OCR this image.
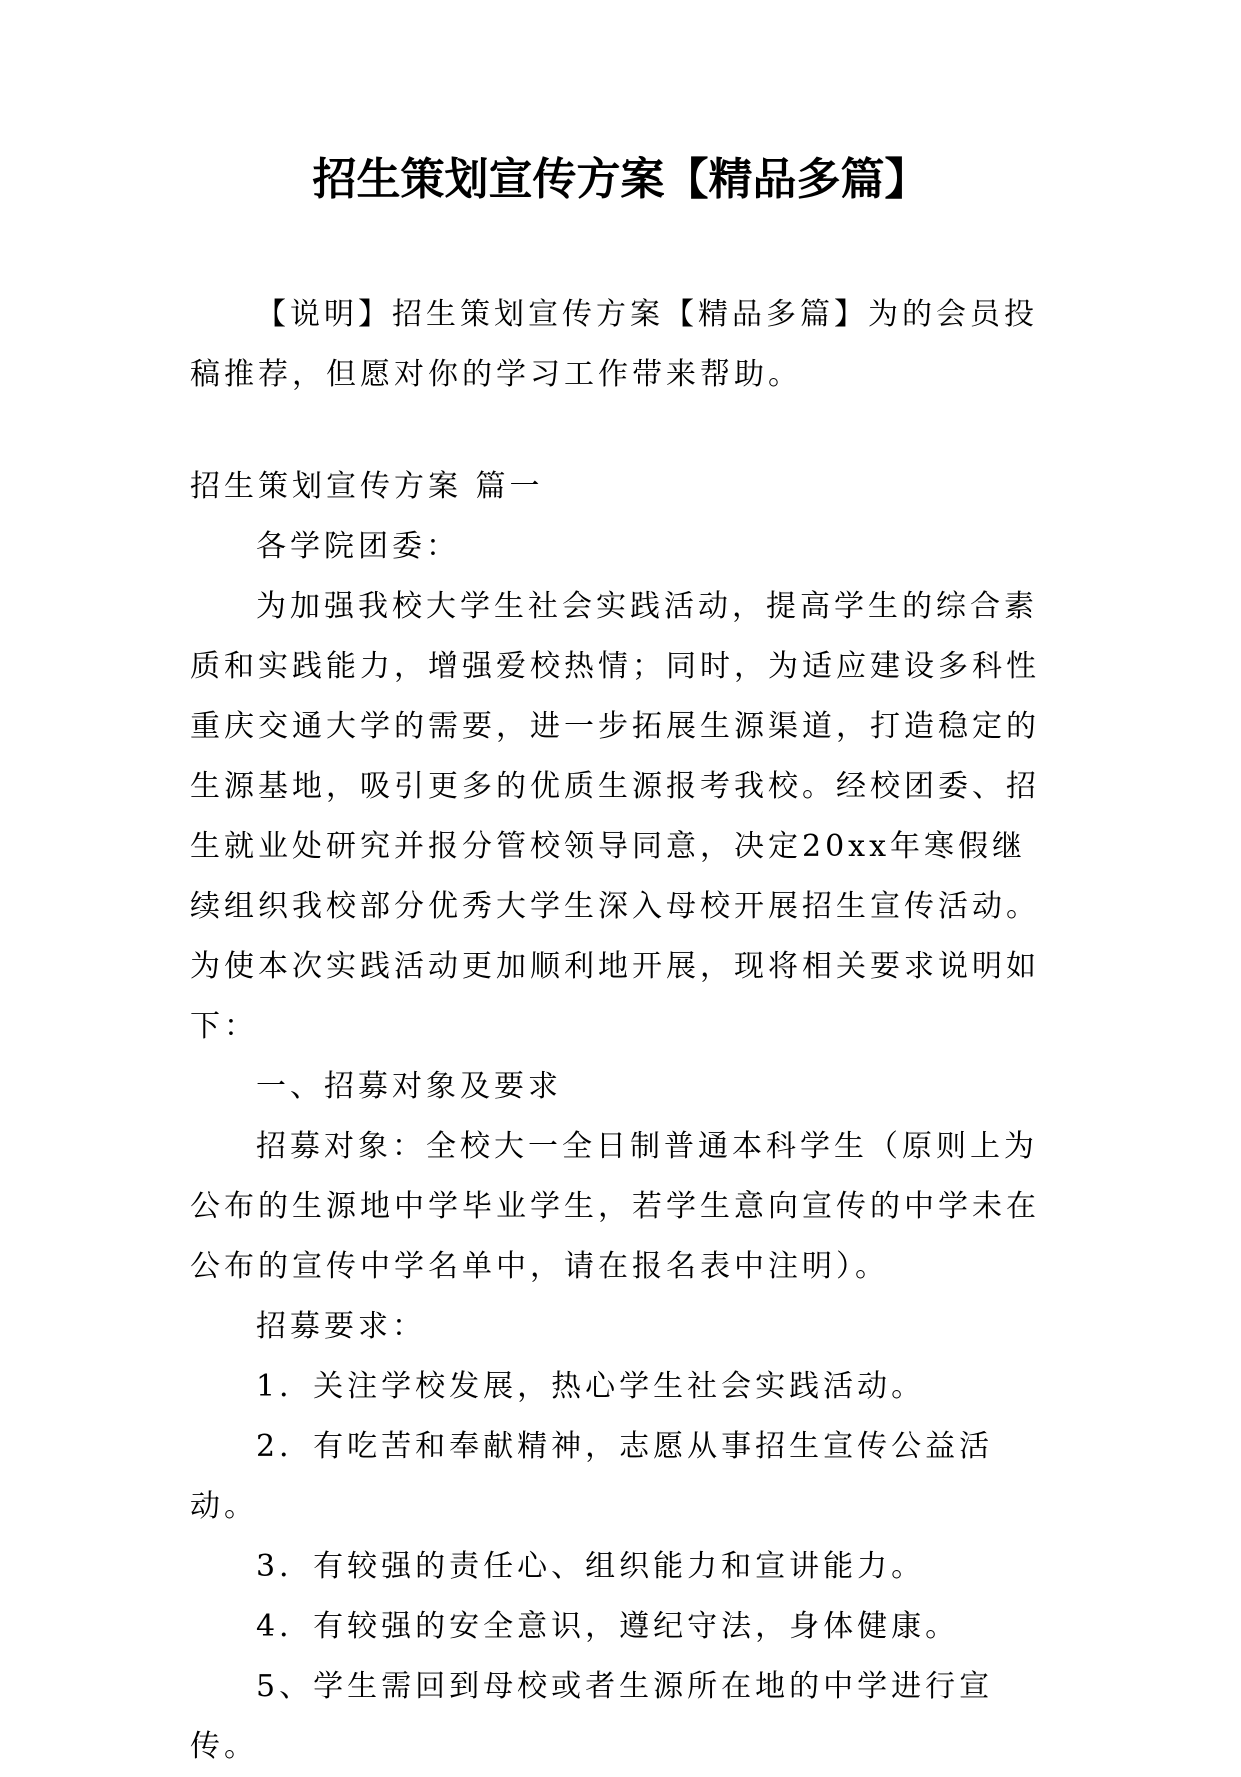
招生策划宣传方案【精品多篇】

【说明】招生策划宣传方案【精品多篇】为的会员投稿推荐，但愿对你的学习工作带来帮助。

招生策划宣传方案 篇一

各学院团委：

为加强我校大学生社会实践活动，提高学生的综合素质和实践能力，增强爱校热情；同时，为适应建设多科性重庆交通大学的需要，进一步拓展生源渠道，打造稳定的生源基地，吸引更多的优质生源报考我校。经校团委、招生就业处研究并报分管校领导同意，决定20xx年寒假继续组织我校部分优秀大学生深入母校开展招生宣传活动。为使本次实践活动更加顺利地开展，现将相关要求说明如下：

一、招募对象及要求

招募对象：全校大一全日制普通本科学生（原则上为公布的生源地中学毕业学生，若学生意向宣传的中学未在公布的宣传中学名单中，请在报名表中注明）。

招募要求：

1．关注学校发展，热心学生社会实践活动。

2．有吃苦和奉献精神，志愿从事招生宣传公益活动。

3．有较强的责任心、组织能力和宣讲能力。

4．有较强的安全意识，遵纪守法，身体健康。

5、学生需回到母校或者生源所在地的中学进行宣传。
